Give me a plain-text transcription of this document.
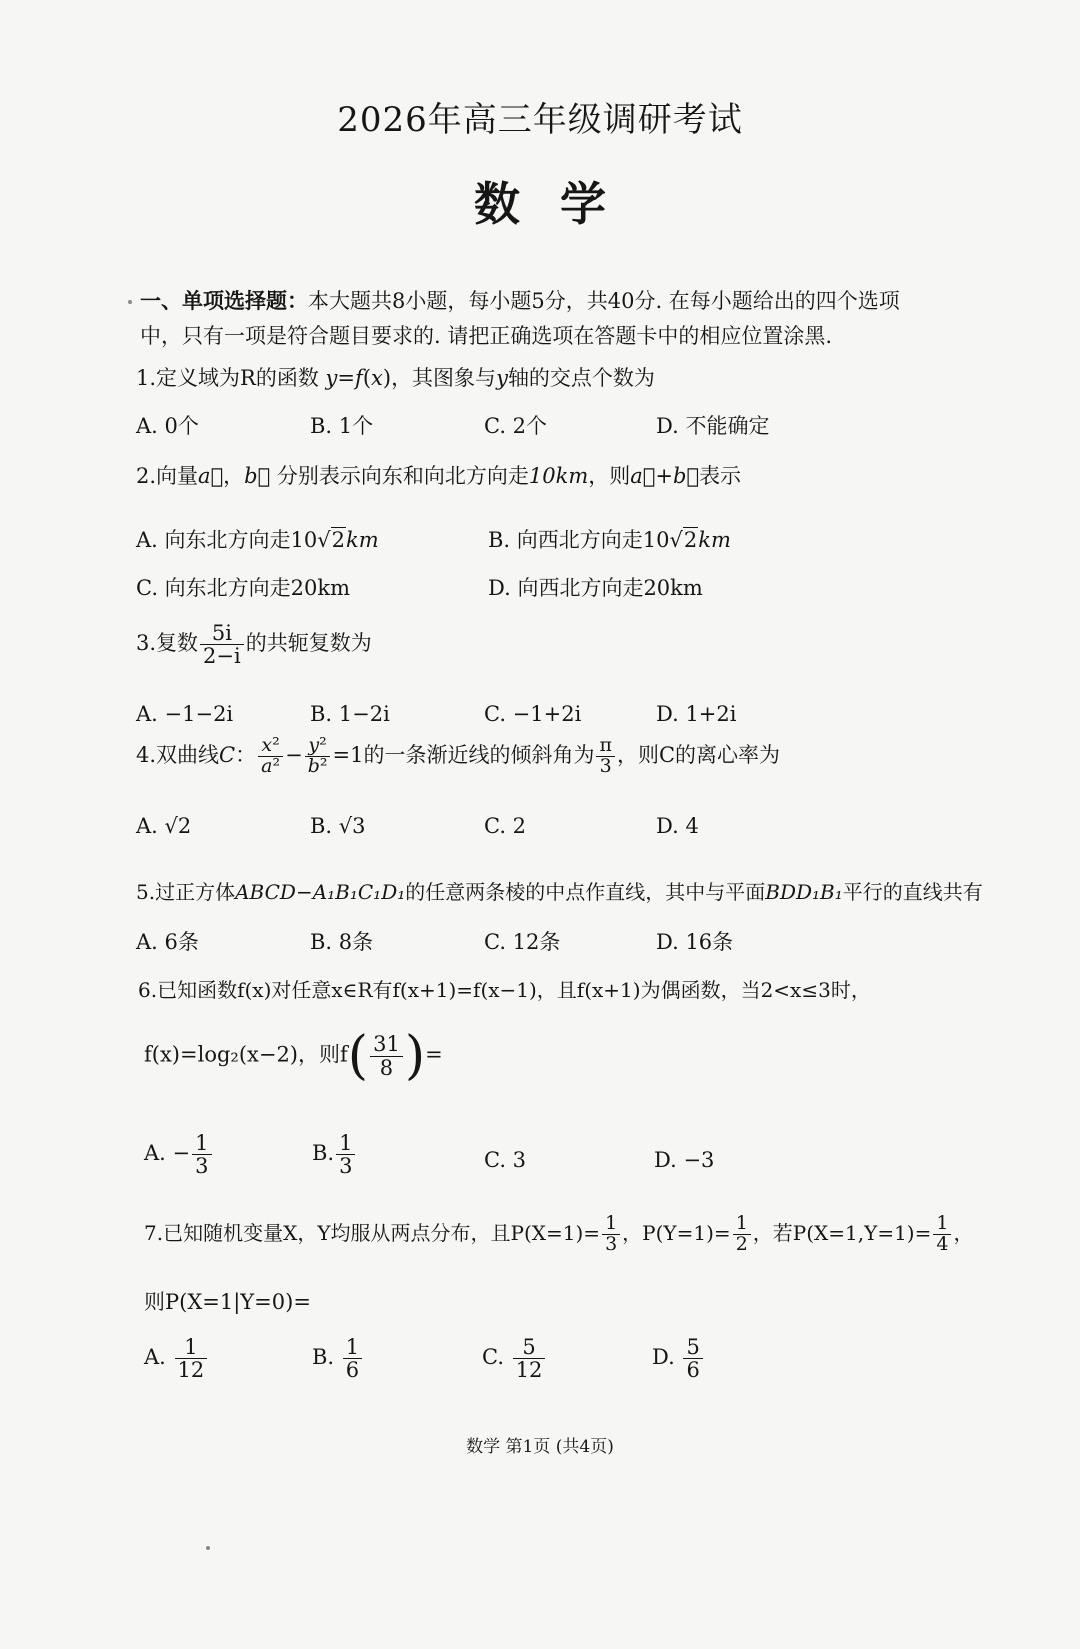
2026年高三年级调研考试
数学
一、单项选择题：本大题共8小题，每小题5分，共40分. 在每小题给出的四个选项中，只有一项是符合题目要求的. 请把正确选项在答题卡中的相应位置涂黑.
1.定义域为R的函数 y=f(x)，其图象与y轴的交点个数为
A. 0个	B. 1个	C. 2个	D. 不能确定
2.向量a⃗，b⃗ 分别表示向东和向北方向走10km，则a⃗+b⃗表示
A. 向东北方向走10√2km	B. 向西北方向走10√2km
C. 向东北方向走20km	D. 向西北方向走20km
3.复数 $\frac{5i}{2-i}$ 的共轭复数为
A. −1−2i	B. 1−2i	C. −1+2i	D. 1+2i
4.双曲线C： $\frac{\text{x²}}{\text{a²}} - \frac{\text{y²}}{\text{b²}} =1$的一条渐近线的倾斜角为 $\frac{\pi}{3}$ ，则C的离心率为
A. √2	B. √3	C. 2	D. 4
5.过正方体ABCD−A₁B₁C₁D₁的任意两条棱的中点作直线，其中与平面BDD₁B₁平行的直线共有
A. 6条	B. 8条	C. 12条	D. 16条
6.已知函数f(x)对任意x∈R有f(x+1)=f(x−1)，且f(x+1)为偶函数，当2<x≤3时，
f(x)=log₂(x−2)，则$f( \frac{31}{8}$ )=
A. − $\frac{1}{3}$	B. $\frac{1}{3}$	C. 3	D. −3
7.已知随机变量X，Y均服从两点分布，且$P(X=1)= \frac{1}{3}$ ，$P(Y=1)= \frac{1}{2}$ ，若$P(X=1,Y=1)= \frac{1}{4}$ ，
则P(X=1|Y=0)=
A. $\frac{1}{12}$	B. $\frac{1}{6}$	C. $\frac{5}{12}$	D. $\frac{5}{6}$
数学 第1页 (共4页)
